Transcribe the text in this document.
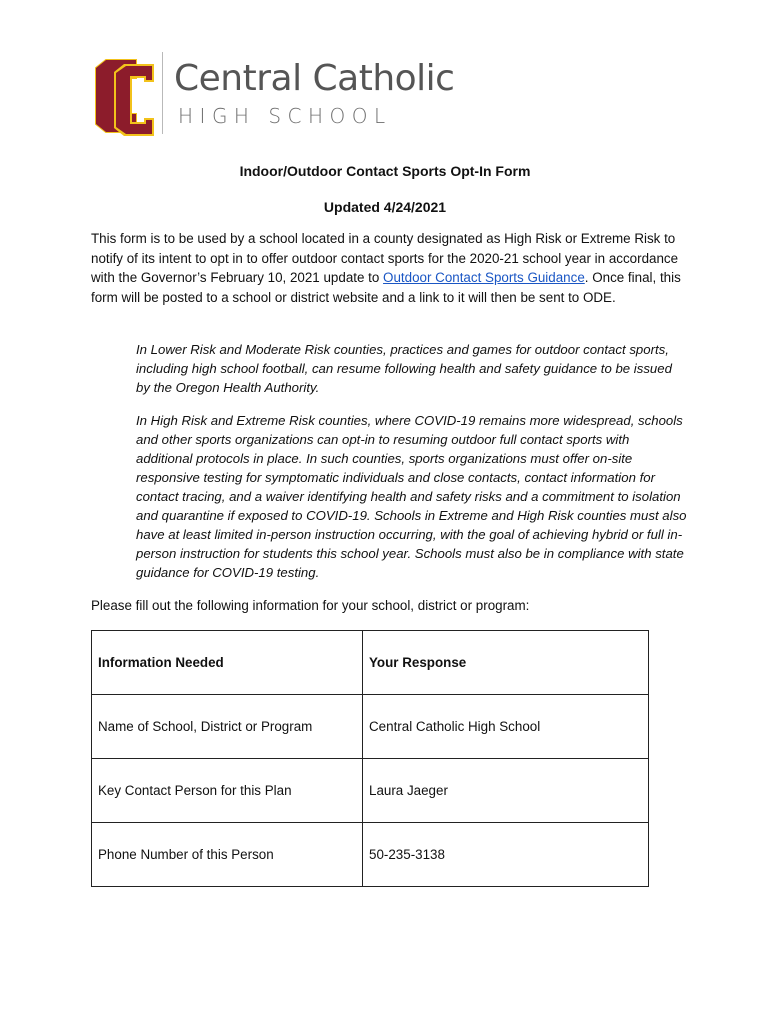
Central Catholic
HIGH SCHOOL
Indoor/Outdoor Contact Sports Opt-In Form
Updated 4/24/2021
This form is to be used by a school located in a county designated as High Risk or Extreme Risk to notify of its intent to opt in to offer outdoor contact sports for the 2020-21 school year in accordance with the Governor’s February 10, 2021 update to Outdoor Contact Sports Guidance. Once final, this form will be posted to a school or district website and a link to it will then be sent to ODE.
In Lower Risk and Moderate Risk counties, practices and games for outdoor contact sports, including high school football, can resume following health and safety guidance to be issued by the Oregon Health Authority.
In High Risk and Extreme Risk counties, where COVID-19 remains more widespread, schools and other sports organizations can opt-in to resuming outdoor full contact sports with additional protocols in place. In such counties, sports organizations must offer on-site responsive testing for symptomatic individuals and close contacts, contact information for contact tracing, and a waiver identifying health and safety risks and a commitment to isolation and quarantine if exposed to COVID-19. Schools in Extreme and High Risk counties must also have at least limited in-person instruction occurring, with the goal of achieving hybrid or full in-person instruction for students this school year. Schools must also be in compliance with state guidance for COVID-19 testing.
Please fill out the following information for your school, district or program:
Information Needed	Your Response
Name of School, District or Program	Central Catholic High School
Key Contact Person for this Plan	Laura Jaeger
Phone Number of this Person	50-235-3138
